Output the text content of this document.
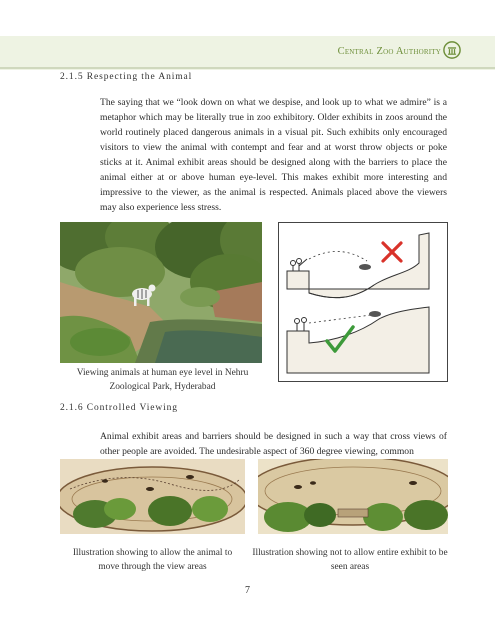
Central Zoo Authority
2.1.5 Respecting the Animal

The saying that we “look down on what we despise, and look up to what we admire” is a metaphor which may be literally true in zoo exhibitory. Older exhibits in zoos around the world routinely placed dangerous animals in a visual pit. Such exhibits only encouraged visitors to view the animal with contempt and fear and at worst throw objects or poke sticks at it. Animal exhibit areas should be designed along with the barriers to place the animal either at or above human eye-level. This makes exhibit more interesting and impressive to the viewer, as the animal is respected. Animals placed above the viewers may also experience less stress.

Viewing animals at human eye level in Nehru
Zoological Park, Hyderabad
2.1.6 Controlled Viewing

Animal exhibit areas and barriers should be designed in such a way that cross views of other people are avoided. The undesirable aspect of 360 degree viewing, common

Illustration showing to allow the animal to
move through the view areas
Illustration showing not to allow entire exhibit to be
seen areas
7
